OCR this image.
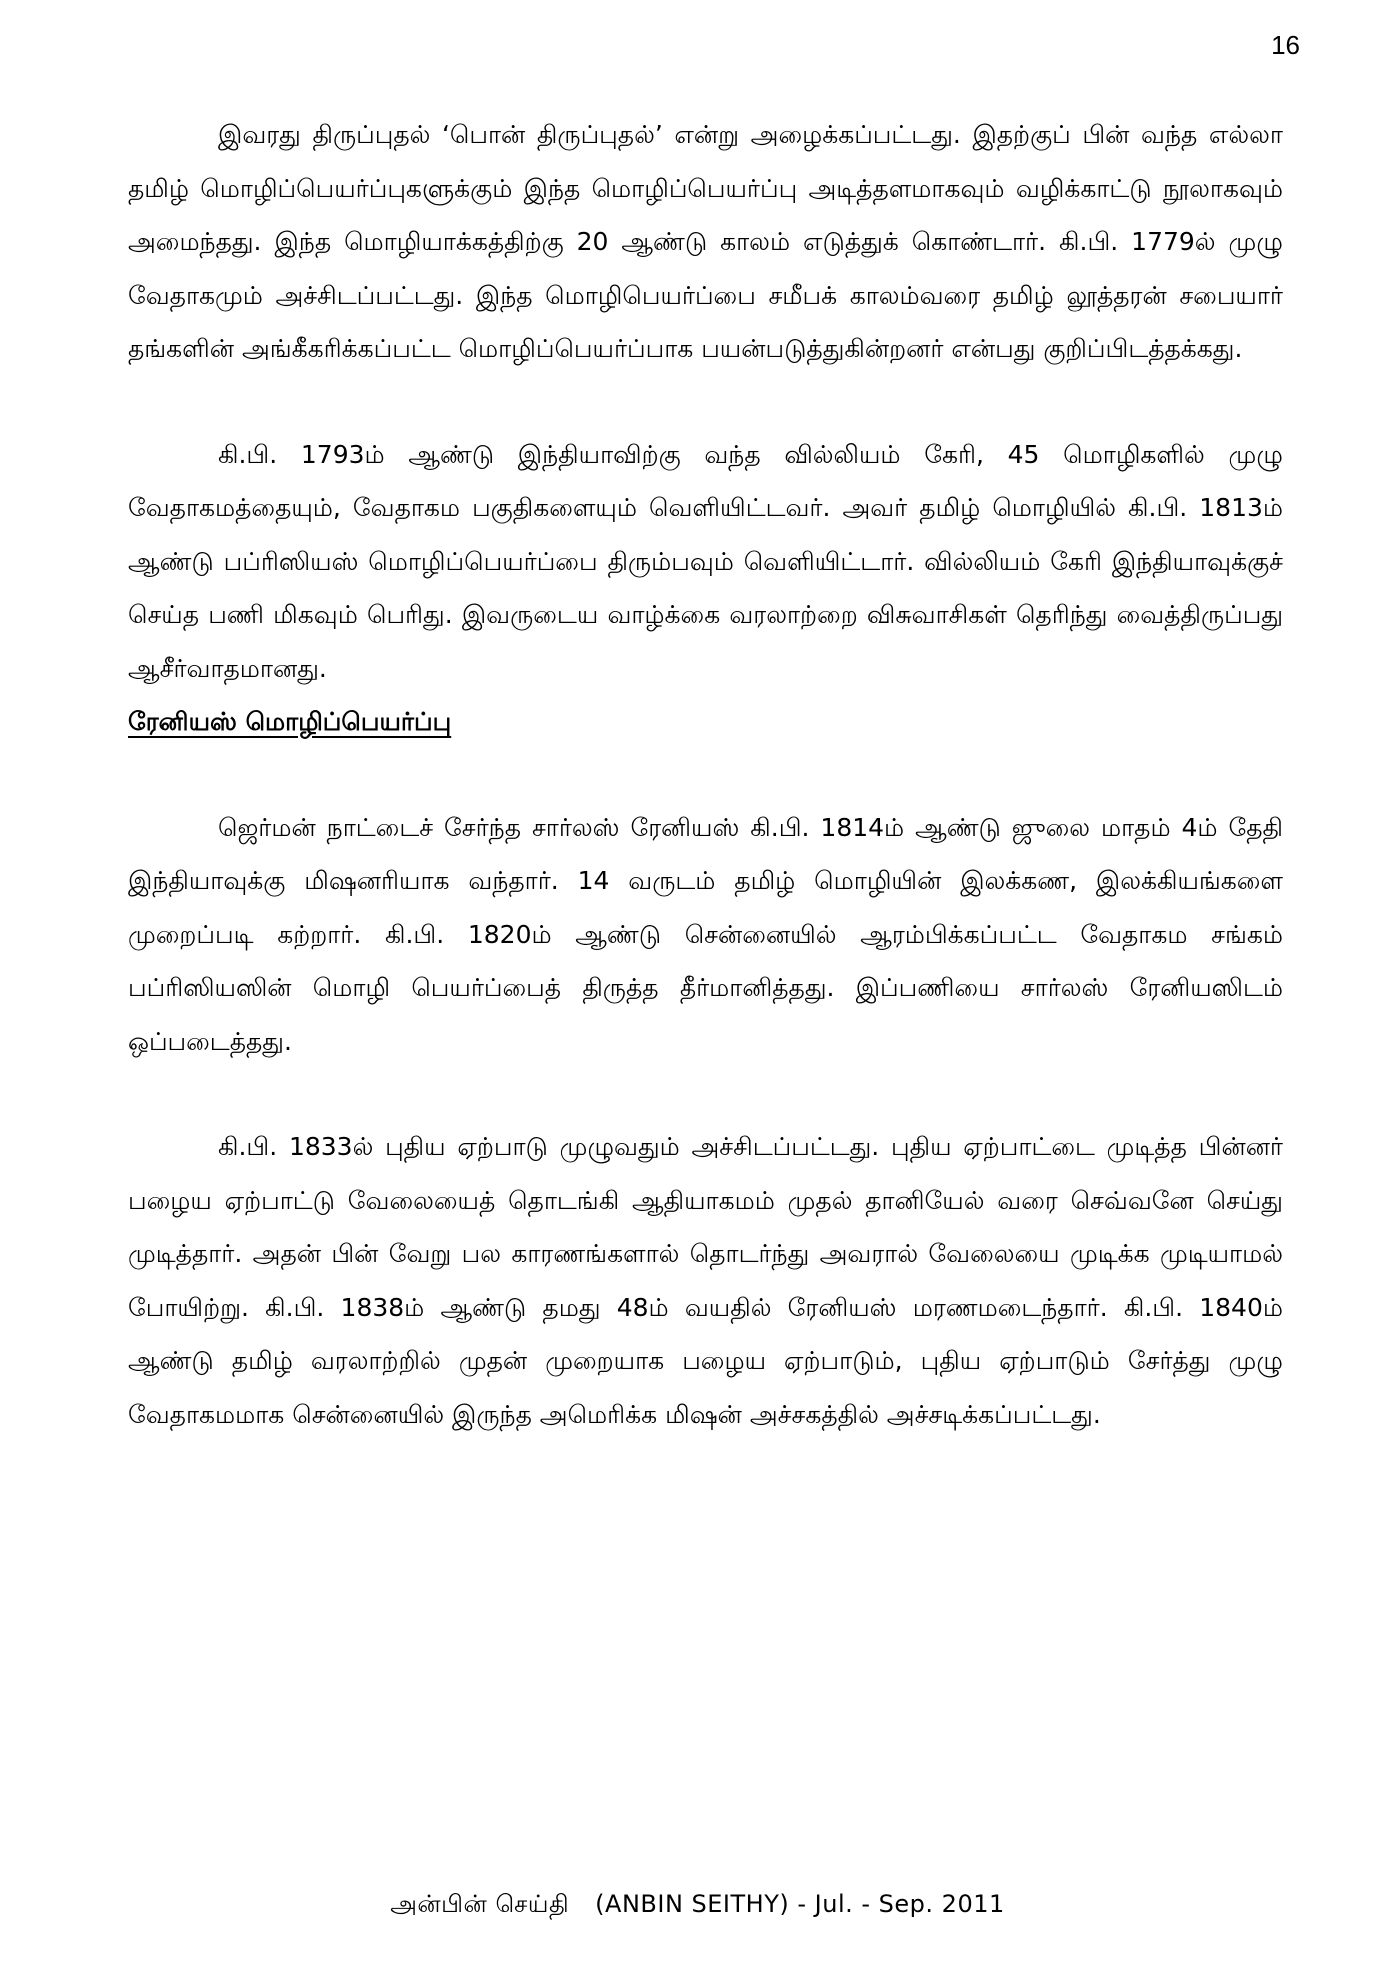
16

இவரது திருப்புதல் ‘பொன் திருப்புதல்’ என்று அழைக்கப்பட்டது. இதற்குப் பின் வந்த எல்லா தமிழ் மொழிப்பெயர்ப்புகளுக்கும் இந்த மொழிப்பெயர்ப்பு அடித்தளமாகவும் வழிக்காட்டு நூலாகவும் அமைந்தது. இந்த மொழியாக்கத்திற்கு 20 ஆண்டு காலம் எடுத்துக் கொண்டார். கி.பி. 1779ல் முழு வேதாகமும் அச்சிடப்பட்டது. இந்த மொழிபெயர்ப்பை சமீபக் காலம்வரை தமிழ் லூத்தரன் சபையார் தங்களின் அங்கீகரிக்கப்பட்ட மொழிப்பெயர்ப்பாக பயன்படுத்துகின்றனர் என்பது குறிப்பிடத்தக்கது.

கி.பி. 1793ம் ஆண்டு இந்தியாவிற்கு வந்த வில்லியம் கேரி, 45 மொழிகளில் முழு வேதாகமத்தையும், வேதாகம பகுதிகளையும் வெளியிட்டவர். அவர் தமிழ் மொழியில் கி.பி. 1813ம் ஆண்டு பப்ரிஸியஸ் மொழிப்பெயர்ப்பை திரும்பவும் வெளியிட்டார். வில்லியம் கேரி இந்தியாவுக்குச் செய்த பணி மிகவும் பெரிது. இவருடைய வாழ்க்கை வரலாற்றை விசுவாசிகள் தெரிந்து வைத்திருப்பது ஆசீர்வாதமானது.

ரேனியஸ் மொழிப்பெயர்ப்பு

ஜெர்மன் நாட்டைச் சேர்ந்த சார்லஸ் ரேனியஸ் கி.பி. 1814ம் ஆண்டு ஜுலை மாதம் 4ம் தேதி இந்தியாவுக்கு மிஷனரியாக வந்தார். 14 வருடம் தமிழ் மொழியின் இலக்கண, இலக்கியங்களை முறைப்படி கற்றார். கி.பி. 1820ம் ஆண்டு சென்னையில் ஆரம்பிக்கப்பட்ட வேதாகம சங்கம் பப்ரிஸியஸின் மொழி பெயர்ப்பைத் திருத்த தீர்மானித்தது. இப்பணியை சார்லஸ் ரேனியஸிடம் ஒப்படைத்தது.

கி.பி. 1833ல் புதிய ஏற்பாடு முழுவதும் அச்சிடப்பட்டது. புதிய ஏற்பாட்டை முடித்த பின்னர் பழைய ஏற்பாட்டு வேலையைத் தொடங்கி ஆதியாகமம் முதல் தானியேல் வரை செவ்வனே செய்து முடித்தார். அதன் பின் வேறு பல காரணங்களால் தொடர்ந்து அவரால் வேலையை முடிக்க முடியாமல் போயிற்று. கி.பி. 1838ம் ஆண்டு தமது 48ம் வயதில் ரேனியஸ் மரணமடைந்தார். கி.பி. 1840ம் ஆண்டு தமிழ் வரலாற்றில் முதன் முறையாக பழைய ஏற்பாடும், புதிய ஏற்பாடும் சேர்த்து முழு வேதாகமமாக சென்னையில் இருந்த அமெரிக்க மிஷன் அச்சகத்தில் அச்சடிக்கப்பட்டது.

அன்பின் செய்தி (ANBIN SEITHY) - Jul. - Sep. 2011
